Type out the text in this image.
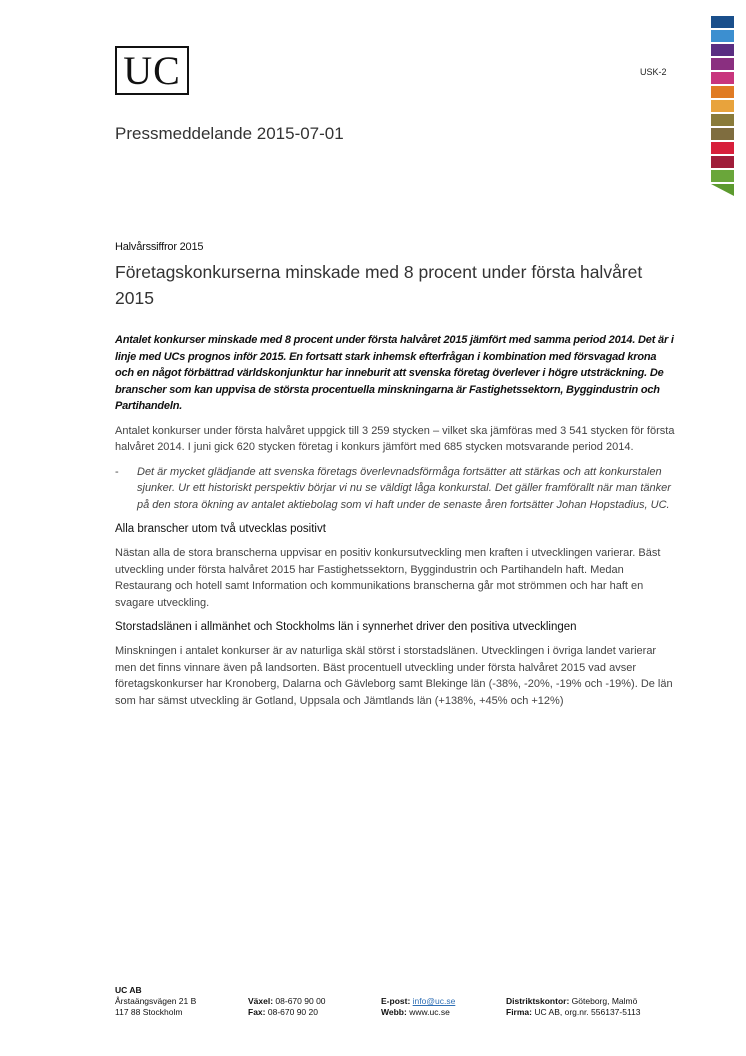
UC	USK-2
Pressmeddelande 2015-07-01
Halvårssiffror 2015
Företagskonkurserna minskade med 8 procent under första halvåret 2015

Antalet konkurser minskade med 8 procent under första halvåret 2015 jämfört med samma period 2014. Det är i linje med UCs prognos inför 2015. En fortsatt stark inhemsk efterfrågan i kombination med försvagad krona och en något förbättrad världskonjunktur har inneburit att svenska företag överlever i högre utsträckning. De branscher som kan uppvisa de största procentuella minskningarna är Fastighetssektorn, Byggindustrin och Partihandeln.

Antalet konkurser under första halvåret uppgick till 3 259 stycken – vilket ska jämföras med 3 541 stycken för första halvåret 2014. I juni gick 620 stycken företag i konkurs jämfört med 685 stycken motsvarande period 2014.

-	Det är mycket glädjande att svenska företags överlevnadsförmåga fortsätter att stärkas och att konkurstalen sjunker. Ur ett historiskt perspektiv börjar vi nu se väldigt låga konkurstal. Det gäller framförallt när man tänker på den stora ökning av antalet aktiebolag som vi haft under de senaste åren fortsätter Johan Hopstadius, UC.
Alla branscher utom två utvecklas positivt

Nästan alla de stora branscherna uppvisar en positiv konkursutveckling men kraften i utvecklingen varierar. Bäst utveckling under första halvåret 2015 har Fastighetssektorn, Byggindustrin och Partihandeln haft. Medan Restaurang och hotell samt Information och kommunikations branscherna går mot strömmen och har haft en svagare utveckling.

Storstadslänen i allmänhet och Stockholms län i synnerhet driver den positiva utvecklingen

Minskningen i antalet konkurser är av naturliga skäl störst i storstadslänen. Utvecklingen i övriga landet varierar men det finns vinnare även på landsorten. Bäst procentuell utveckling under första halvåret 2015 vad avser företagskonkurser har Kronoberg, Dalarna och Gävleborg samt Blekinge län (-38%, -20%, -19% och -19%). De län som har sämst utveckling är Gotland, Uppsala och Jämtlands län (+138%, +45% och +12%)

UC AB
Årstaängsvägen 21 B	Växel: 08-670 90 00	E-post: info@uc.se	Distriktskontor: Göteborg, Malmö
117 88 Stockholm	Fax: 08-670 90 20	Webb: www.uc.se	Firma: UC AB, org.nr. 556137-5113
